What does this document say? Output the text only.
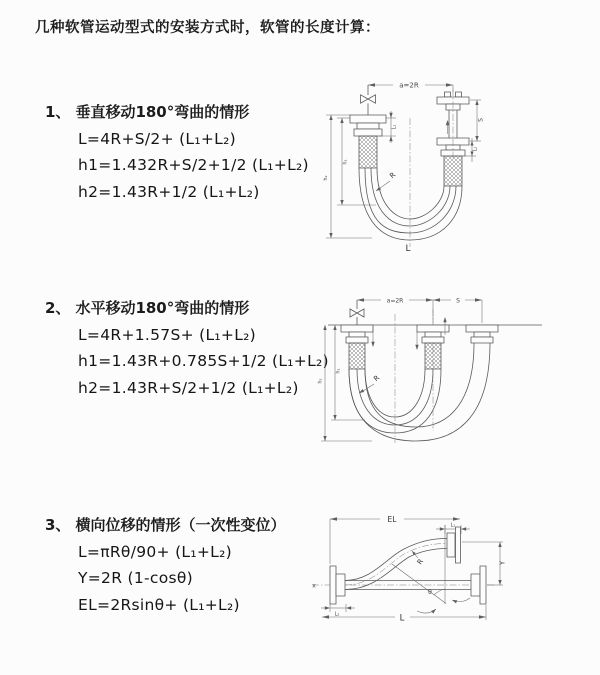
几种软管运动型式的安装方式时，软管的长度计算：
1、 垂直移动180°弯曲的情形
L=4R+S/2+ (L₁+L₂)
h1=1.432R+S/2+1/2 (L₁+L₂)
h2=1.43R+1/2 (L₁+L₂)
2、 水平移动180°弯曲的情形
L=4R+1.57S+ (L₁+L₂)
h1=1.43R+0.785S+1/2 (L₁+L₂)
h2=1.43R+S/2+1/2 (L₁+L₂)
3、 横向位移的情形（一次性变位）
L=πRθ/90+ (L₁+L₂)
Y=2R (1-cosθ)
EL=2Rsinθ+ (L₁+L₂)
a=2R
L₁
S
L₂
h₁
h₂	R
L
a=2R	S
h₁
h₂	R
EL
L₁
x
θ
R	Y
L₂	L
